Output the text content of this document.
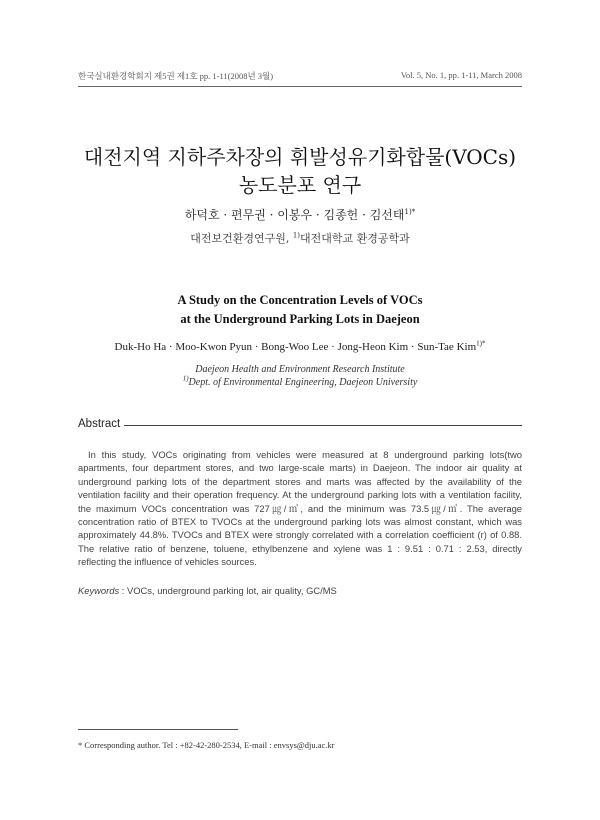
한국실내환경학회지 제5권 제1호 pp. 1-11(2008년 3월)	Vol. 5, No. 1, pp. 1-11, March 2008
대전지역 지하주차장의 휘발성유기화합물(VOCs)
농도분포 연구
하덕호 · 편무권 · 이봉우 · 김종헌 · 김선태$^{1)*}$
대전보건환경연구원, $^{1)}$대전대학교 환경공학과
A Study on the Concentration Levels of VOCs
at the Underground Parking Lots in Daejeon
Duk-Ho Ha · Moo-Kwon Pyun · Bong-Woo Lee · Jong-Heon Kim · Sun-Tae Kim$^{1)*}$
Daejeon Health and Environment Research Institute
$^{1)}$Dept. of Environmental Engineering, Daejeon University
Abstract
In this study, VOCs originating from vehicles were measured at 8 underground parking lots(two apartments, four department stores, and two large-scale marts) in Daejeon. The indoor air quality at underground parking lots of the department stores and marts was affected by the availability of the ventilation facility and their operation frequency. At the underground parking lots with a ventilation facility, the maximum VOCs concentration was 727㎍/㎥, and the minimum was 73.5㎍/㎥. The average concentration ratio of BTEX to TVOCs at the underground parking lots was almost constant, which was approximately 44.8%. TVOCs and BTEX were strongly correlated with a correlation coefficient (r) of 0.88. The relative ratio of benzene, toluene, ethylbenzene and xylene was 1 : 9.51 : 0.71 : 2.53, directly reflecting the influence of vehicles sources.
Keywords : VOCs, underground parking lot, air quality, GC/MS
* Corresponding author. Tel : +82-42-280-2534, E-mail : envsys@dju.ac.kr
